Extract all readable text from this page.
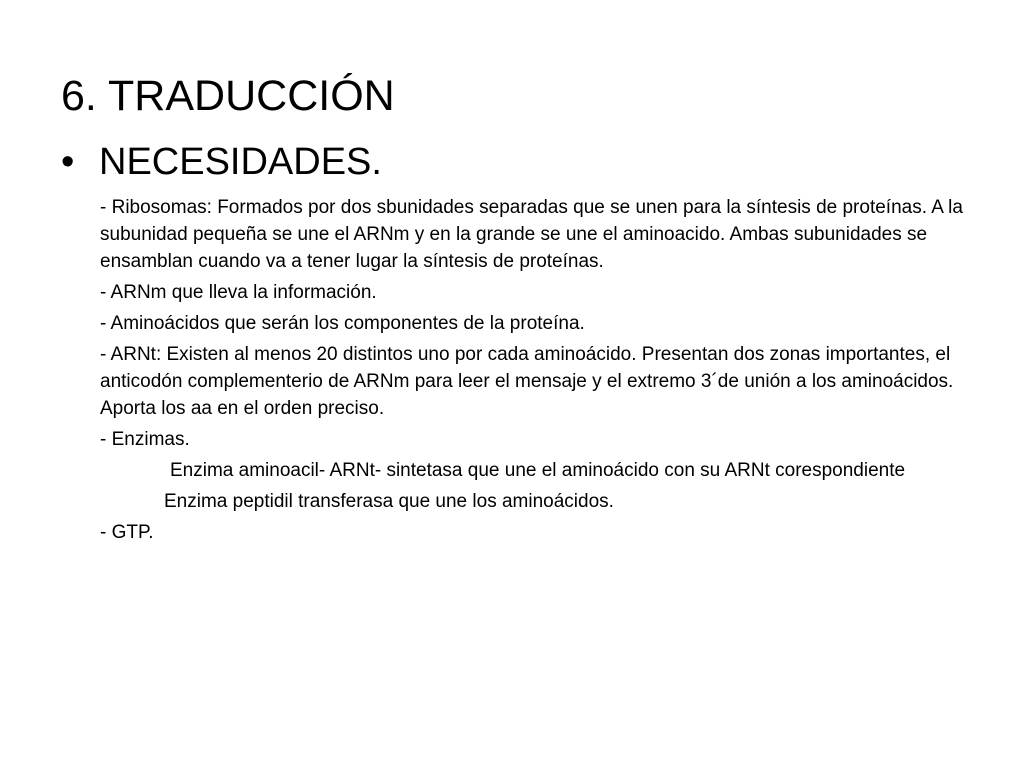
6. TRADUCCIÓN
• NECESIDADES.

- Ribosomas: Formados por dos sbunidades separadas que se unen para la síntesis de proteínas. A la subunidad pequeña se une el ARNm y en la grande se une el aminoacido. Ambas subunidades se ensamblan cuando va a tener lugar la síntesis de proteínas.

- ARNm que lleva la información.

- Aminoácidos que serán los componentes de la proteína.

- ARNt: Existen al menos 20 distintos uno por cada aminoácido. Presentan dos zonas importantes, el anticodón complementerio de ARNm para leer el mensaje y el extremo 3´de unión a los aminoácidos. Aporta los aa en el orden preciso.

- Enzimas.

Enzima aminoacil- ARNt- sintetasa que une el aminoácido con su ARNt corespondiente

Enzima peptidil transferasa que une los aminoácidos.

- GTP.
